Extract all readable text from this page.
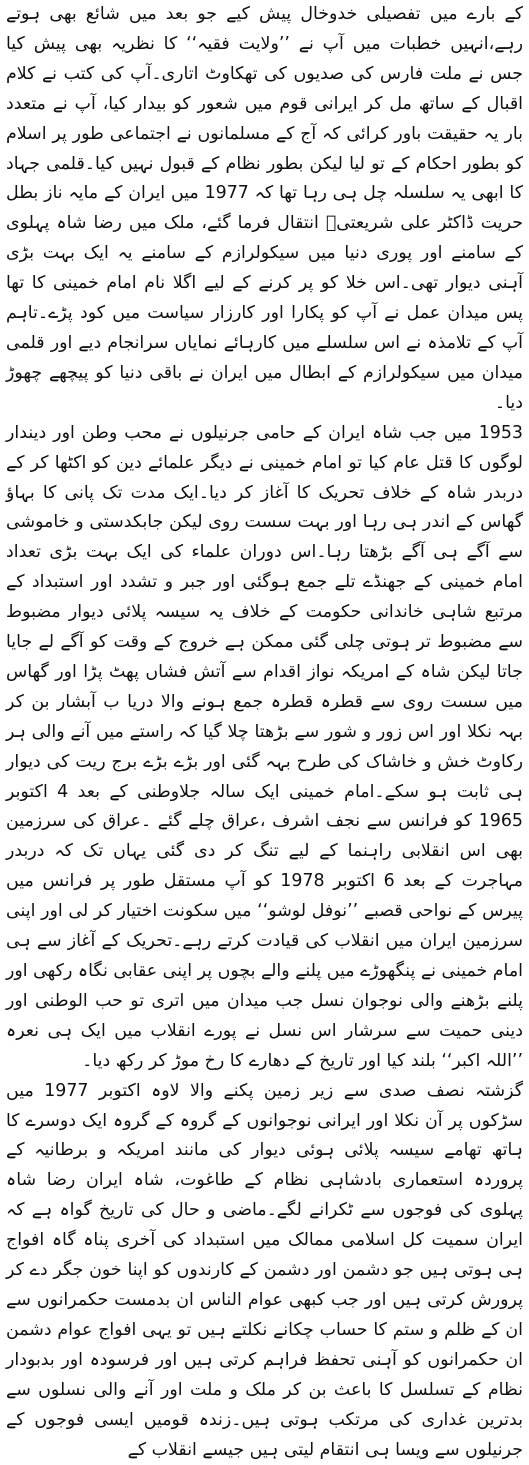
کے بارے میں تفصیلی خدوخال پیش کیے جو بعد میں شائع بھی ہوتے رہے،انہیں خطبات میں آپ نے ’’ولایت فقیہ‘‘ کا نظریہ بھی پیش کیا جس نے ملت فارس کی صدیوں کی تھکاوٹ اتاری۔آپ کی کتب نے کلام اقبال کے ساتھ مل کر ایرانی قوم میں شعور کو بیدار کیا، آپ نے متعدد بار یہ حقیقت باور کرائی کہ آج کے مسلمانوں نے اجتماعی طور پر اسلام کو بطور احکام کے تو لیا لیکن بطور نظام کے قبول نہیں کیا۔قلمی جہاد کا ابھی یہ سلسلہ چل ہی رہا تھا کہ 1977 میں ایران کے مایہ ناز بطل حریت ڈاکٹر علی شریعتیؒ انتقال فرما گئے، ملک میں رضا شاہ پہلوی کے سامنے اور پوری دنیا میں سیکولرازم کے سامنے یہ ایک بہت بڑی آہنی دیوار تھی۔اس خلا کو پر کرنے کے لیے اگلا نام امام خمینی کا تھا پس میدان عمل نے آپ کو پکارا اور کارزار سیاست میں کود پڑے۔تاہم آپ کے تلامذہ نے اس سلسلے میں کارہائے نمایاں سرانجام دیے اور قلمی میدان میں سیکولرازم کے ابطال میں ایران نے باقی دنیا کو پیچھے چھوڑ دیا۔

1953 میں جب شاہ ایران کے حامی جرنیلوں نے محب وطن اور دیندار لوگوں کا قتل عام کیا تو امام خمینی نے دیگر علمائے دین کو اکٹھا کر کے دربدر شاہ کے خلاف تحریک کا آغاز کر دیا۔ایک مدت تک پانی کا بہاؤ گھاس کے اندر ہی رہا اور بہت سست روی لیکن جابکدستی و خاموشی سے آگے ہی آگے بڑھتا رہا۔اس دوران علماء کی ایک بہت بڑی تعداد امام خمینی کے جھنڈے تلے جمع ہوگئی اور جبر و تشدد اور استبداد کے مرتبع شاہی خاندانی حکومت کے خلاف یہ سیسہ پلائی دیوار مضبوط سے مضبوط تر ہوتی چلی گئی ممکن ہے خروج کے وقت کو آگے لے جایا جاتا لیکن شاہ کے امریکہ نواز اقدام سے آتش فشاں پھٹ پڑا اور گھاس میں سست روی سے قطرہ قطرہ جمع ہونے والا دریا ب آبشار بن کر بہہ نکلا اور اس زور و شور سے بڑھتا چلا گیا کہ راستے میں آنے والی ہر رکاوٹ خش و خاشاک کی طرح بہہ گئی اور بڑے بڑے برج ریت کی دیوار ہی ثابت ہو سکے۔امام خمینی ایک سالہ جلاوطنی کے بعد 4 اکتوبر 1965 کو فرانس سے نجف اشرف ،عراق چلے گئے ۔عراق کی سرزمین بھی اس انقلابی راہنما کے لیے تنگ کر دی گئی یہاں تک کہ دربدر مہاجرت کے بعد 6 اکتوبر 1978 کو آپ مستقل طور پر فرانس میں پیرس کے نواحی قصبے ’’نوفل لوشو‘‘ میں سکونت اختیار کر لی اور اپنی سرزمین ایران میں انقلاب کی قیادت کرتے رہے۔تحریک کے آغاز سے ہی امام خمینی نے پنگھوڑے میں پلنے والے بچوں پر اپنی عقابی نگاہ رکھی اور پلنے بڑھنے والی نوجوان نسل جب میدان میں اتری تو حب الوطنی اور دینی حمیت سے سرشار اس نسل نے پورے انقلاب میں ایک ہی نعرہ ’’اللہ اکبر‘‘ بلند کیا اور تاریخ کے دھارے کا رخ موڑ کر رکھ دیا۔

گزشتہ نصف صدی سے زیر زمین پکنے والا لاوہ اکتوبر 1977 میں سڑکوں پر آن نکلا اور ایرانی نوجوانوں کے گروہ کے گروہ ایک دوسرے کا ہاتھ تھامے سیسہ پلائی ہوئی دیوار کی مانند امریکہ و برطانیہ کے پروردہ استعماری بادشاہی نظام کے طاغوت، شاہ ایران رضا شاہ پہلوی کی فوجوں سے ٹکرانے لگے۔ماضی و حال کی تاریخ گواہ ہے کہ ایران سمیت کل اسلامی ممالک میں استبداد کی آخری پناہ گاہ افواج ہی ہوتی ہیں جو دشمن اور دشمن کے کارندوں کو اپنا خون جگر دے کر پرورش کرتی ہیں اور جب کبھی عوام الناس ان بدمست حکمرانوں سے ان کے ظلم و ستم کا حساب چکانے نکلتے ہیں تو یہی افواج عوام دشمن ان حکمرانوں کو آہنی تحفظ فراہم کرتی ہیں اور فرسودہ اور بدبودار نظام کے تسلسل کا باعث بن کر ملک و ملت اور آنے والی نسلوں سے بدترین غداری کی مرتکب ہوتی ہیں۔زندہ قومیں ایسی فوجوں کے جرنیلوں سے ویسا ہی انتقام لیتی ہیں جیسے انقلاب کے
